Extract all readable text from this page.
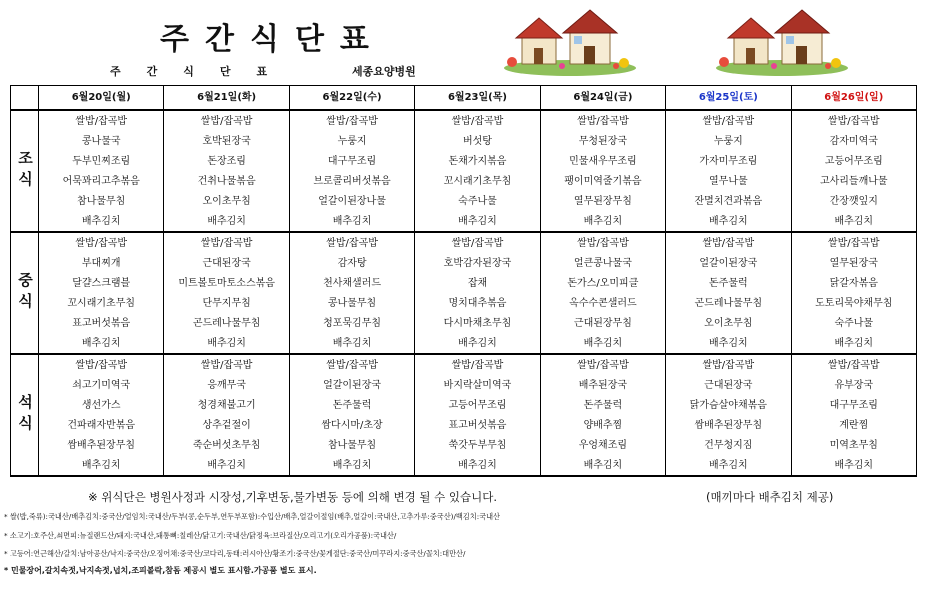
주간식단표
주간식단표	세종요양병원
	6월20일(월)	6월21일(화)	6월22일(수)	6월23일(목)	6월24일(금)	6월25일(토)	6월26일(일)
조식	쌀밥/잡곡밥	쌀밥/잡곡밥	쌀밥/잡곡밥	쌀밥/잡곡밥	쌀밥/잡곡밥	쌀밥/잡곡밥	쌀밥/잡곡밥
	콩나물국	호박된장국	누룽지	버섯탕	무청된장국	누룽지	감자미역국
	두부민찌조림	돈장조림	대구무조림	돈채가지볶음	민물새우무조림	가자미무조림	고등어무조림
	어묵꽈리고추볶음	건취나물볶음	브로콜리버섯볶음	꼬시래기초무침	팽이미역줄기볶음	열무나물	고사리들깨나물
	참나물무침	오이초무침	얼갈이된장나물	숙주나물	열무된장무침	잔멸치견과볶음	간장깻잎지
	배추김치	배추김치	배추김치	배추김치	배추김치	배추김치	배추김치
중식	쌀밥/잡곡밥	쌀밥/잡곡밥	쌀밥/잡곡밥	쌀밥/잡곡밥	쌀밥/잡곡밥	쌀밥/잡곡밥	쌀밥/잡곡밥
	부대찌개	근대된장국	감자탕	호박감자된장국	얼큰콩나물국	얼갈이된장국	열무된장국
	달걀스크램블	미트볼토마토소스볶음	천사채샐러드	잡채	돈가스/오미피클	돈주물럭	닭갈자볶음
	꼬시래기초무침	단무지무침	콩나물무침	명치대추볶음	옥수수콘샐러드	곤드레나물무침	도토리묵야채무침
	표고버섯볶음	곤드레나물무침	청포묵김무침	다시마채초무침	근대된장무침	오이초무침	숙주나물
	배추김치	배추김치	배추김치	배추김치	배추김치	배추김치	배추김치
석식	쌀밥/잡곡밥	쌀밥/잡곡밥	쌀밥/잡곡밥	쌀밥/잡곡밥	쌀밥/잡곡밥	쌀밥/잡곡밥	쌀밥/잡곡밥
	쇠고기미역국	응깨무국	얼갈이된장국	바지락살미역국	배추된장국	근대된장국	유부장국
	생선가스	청경채불고기	돈주물럭	고등어무조림	돈주물럭	닭가슴살야채볶음	대구무조림
	건파래자반볶음	상추겉절이	쌈다시마/초장	표고버섯볶음	양배추찜	쌈배추된장무침	계란찜
	쌈배추된장무침	죽순버섯초무침	참나물무침	쑥갓두부무침	우엉채조림	건무청지짐	미역초무침
	배추김치	배추김치	배추김치	배추김치	배추김치	배추김치	배추김치
※ 위식단은 병원사정과 시장성,기후변동,물가변동 등에 의해 변경 될 수 있습니다.	(매끼마다 배추김치 제공)
* 쌀(밥,죽류):국내산/배추김치:중국산/얼임치:국내산/두부(콩,순두부,연두부포함):수입산/배추,얼갈이절임(배추,얼갈이:국내산,고추가루:중국산)/백김치:국내산
* 소고기:호주산,쇠면피:뉴질랜드산/돼지:국내산,돼통뼈:칠레산/닭고기:국내산/닭정육:브라질산/오리고기(오리가공품):국내산/
* 고등어:연근해산/갈치:남아공산/낙지:중국산/오징어채:중국산/코다리,동태:러시아산/황조기:중국산/꽃게절단:중국산/미꾸라지:중국산/꼴치:대만산/
* 민물장어,갈치속젓,낙지속젓,넙치,조피볼락,참돔 제공시 별도 표시함.가공품 별도 표시.
